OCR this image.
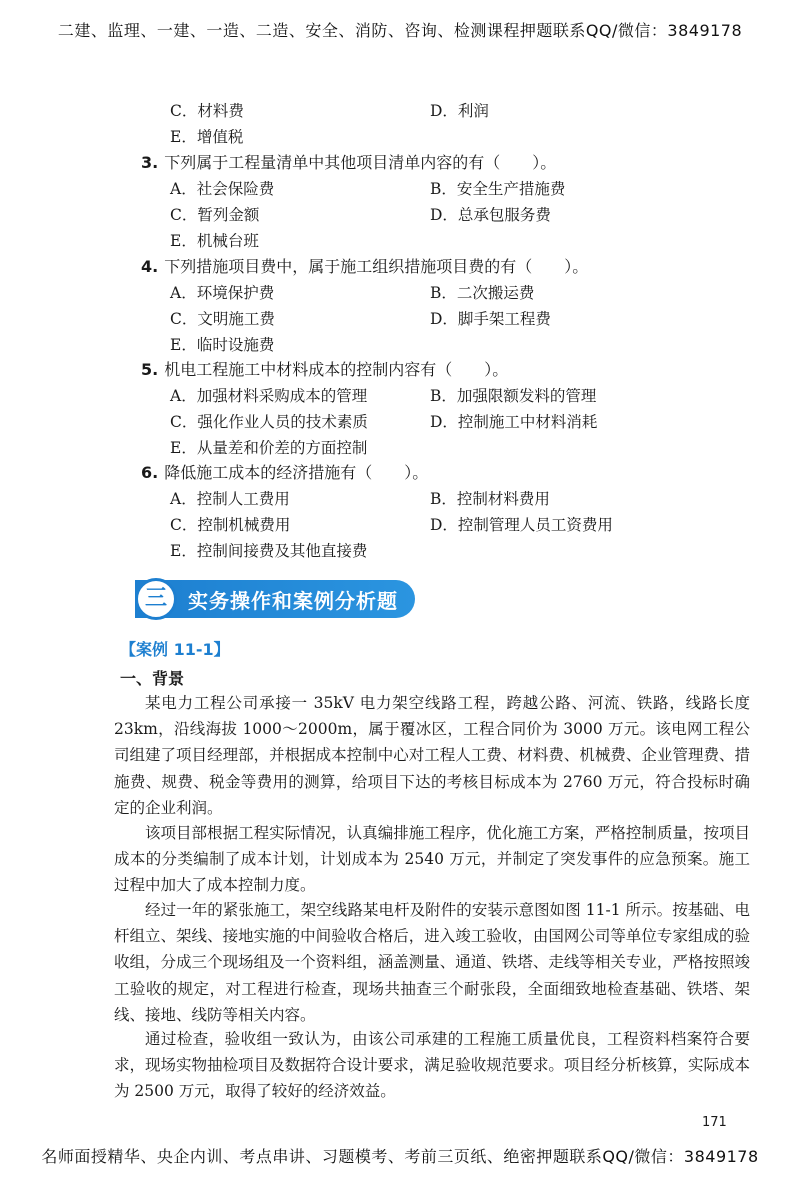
二建、监理、一建、一造、二造、安全、消防、咨询、检测课程押题联系QQ/微信：3849178
C．材料费	D．利润
E．增值税
3. 下列属于工程量清单中其他项目清单内容的有（　　）。
A．社会保险费	B．安全生产措施费
C．暂列金额	D．总承包服务费
E．机械台班
4. 下列措施项目费中，属于施工组织措施项目费的有（　　）。
A．环境保护费	B．二次搬运费
C．文明施工费	D．脚手架工程费
E．临时设施费
5. 机电工程施工中材料成本的控制内容有（　　）。
A．加强材料采购成本的管理	B．加强限额发料的管理
C．强化作业人员的技术素质	D．控制施工中材料消耗
E．从量差和价差的方面控制
6. 降低施工成本的经济措施有（　　）。
A．控制人工费用	B．控制材料费用
C．控制机械费用	D．控制管理人员工资费用
E．控制间接费及其他直接费
三	实务操作和案例分析题
【案例 11-1】
一、背景
某电力工程公司承接一 35kV 电力架空线路工程，跨越公路、河流、铁路，线路长度 23km，沿线海拔 1000～2000m，属于覆冰区，工程合同价为 3000 万元。该电网工程公司组建了项目经理部，并根据成本控制中心对工程人工费、材料费、机械费、企业管理费、措施费、规费、税金等费用的测算，给项目下达的考核目标成本为 2760 万元，符合投标时确定的企业利润。
该项目部根据工程实际情况，认真编排施工程序，优化施工方案，严格控制质量，按项目成本的分类编制了成本计划，计划成本为 2540 万元，并制定了突发事件的应急预案。施工过程中加大了成本控制力度。
经过一年的紧张施工，架空线路某电杆及附件的安装示意图如图 11-1 所示。按基础、电杆组立、架线、接地实施的中间验收合格后，进入竣工验收，由国网公司等单位专家组成的验收组，分成三个现场组及一个资料组，涵盖测量、通道、铁塔、走线等相关专业，严格按照竣工验收的规定，对工程进行检查，现场共抽查三个耐张段，全面细致地检查基础、铁塔、架线、接地、线防等相关内容。
通过检查，验收组一致认为，由该公司承建的工程施工质量优良，工程资料档案符合要求，现场实物抽检项目及数据符合设计要求，满足验收规范要求。项目经分析核算，实际成本为 2500 万元，取得了较好的经济效益。
171
名师面授精华、央企内训、考点串讲、习题模考、考前三页纸、绝密押题联系QQ/微信：3849178
